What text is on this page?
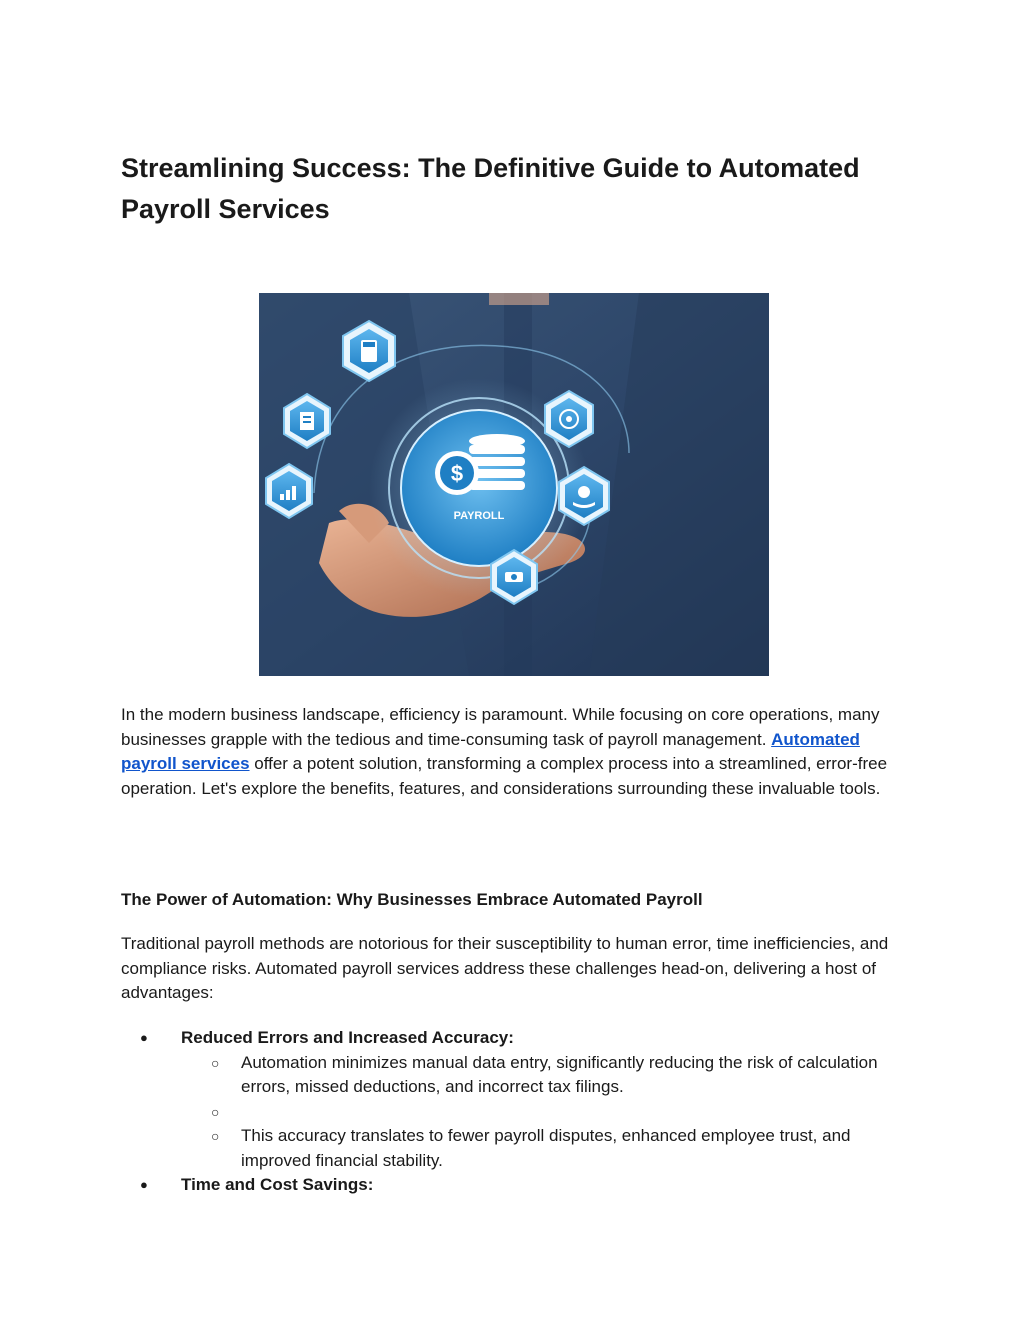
Streamlining Success: The Definitive Guide to Automated Payroll Services
$
PAYROLL

In the modern business landscape, efficiency is paramount. While focusing on core operations, many businesses grapple with the tedious and time-consuming task of payroll management. Automated payroll services offer a potent solution, transforming a complex process into a streamlined, error-free operation. Let's explore the benefits, features, and considerations surrounding these invaluable tools.

The Power of Automation: Why Businesses Embrace Automated Payroll

Traditional payroll methods are notorious for their susceptibility to human error, time inefficiencies, and compliance risks. Automated payroll services address these challenges head-on, delivering a host of advantages:

● Reduced Errors and Increased Accuracy:
○ Automation minimizes manual data entry, significantly reducing the risk of calculation errors, missed deductions, and incorrect tax filings.
○
○ This accuracy translates to fewer payroll disputes, enhanced employee trust, and improved financial stability.
● Time and Cost Savings:
